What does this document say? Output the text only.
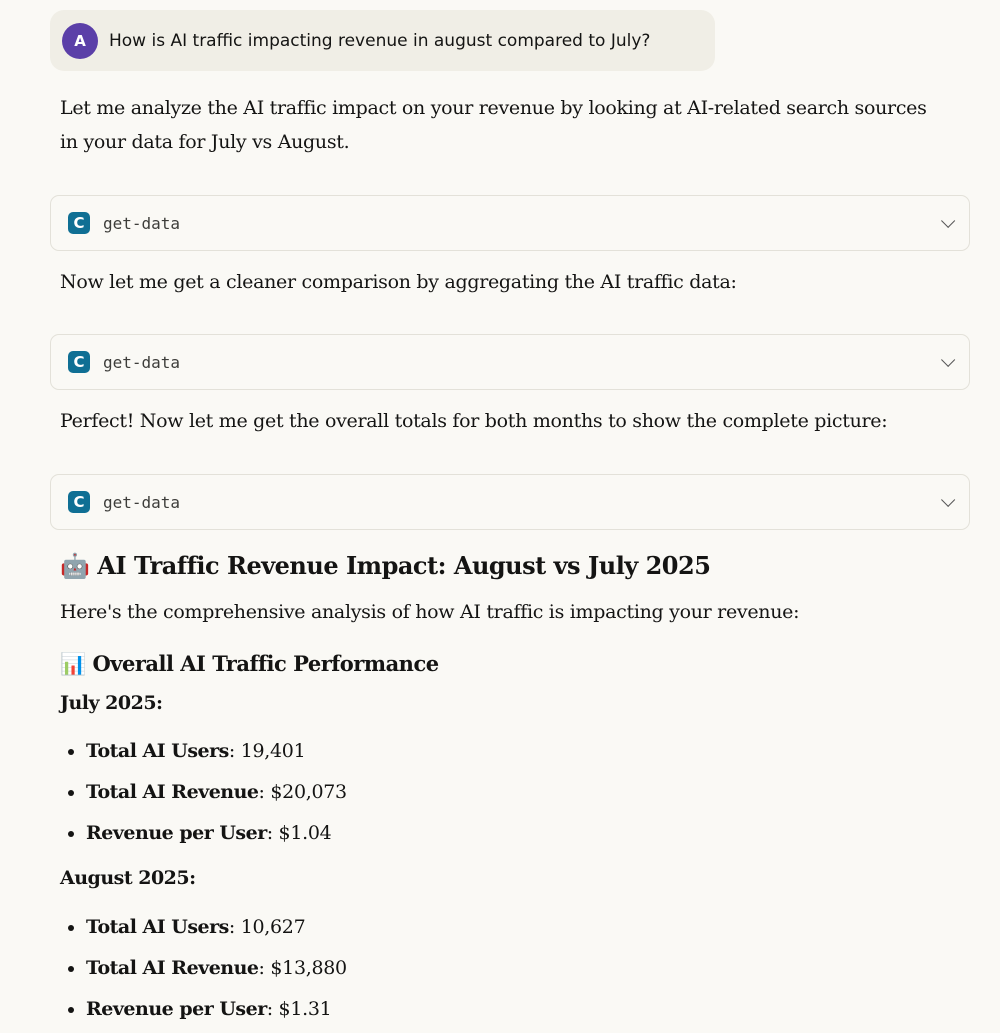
A	How is AI traffic impacting revenue in august compared to July?
Let me analyze the AI traffic impact on your revenue by looking at AI-related search sources in your data for July vs August.
C	get-data
Now let me get a cleaner comparison by aggregating the AI traffic data:
C	get-data
Perfect! Now let me get the overall totals for both months to show the complete picture:
C	get-data
🤖 AI Traffic Revenue Impact: August vs July 2025
Here's the comprehensive analysis of how AI traffic is impacting your revenue:
📊 Overall AI Traffic Performance
July 2025:
• Total AI Users: 19,401
• Total AI Revenue: $20,073
• Revenue per User: $1.04
August 2025:
• Total AI Users: 10,627
• Total AI Revenue: $13,880
• Revenue per User: $1.31
